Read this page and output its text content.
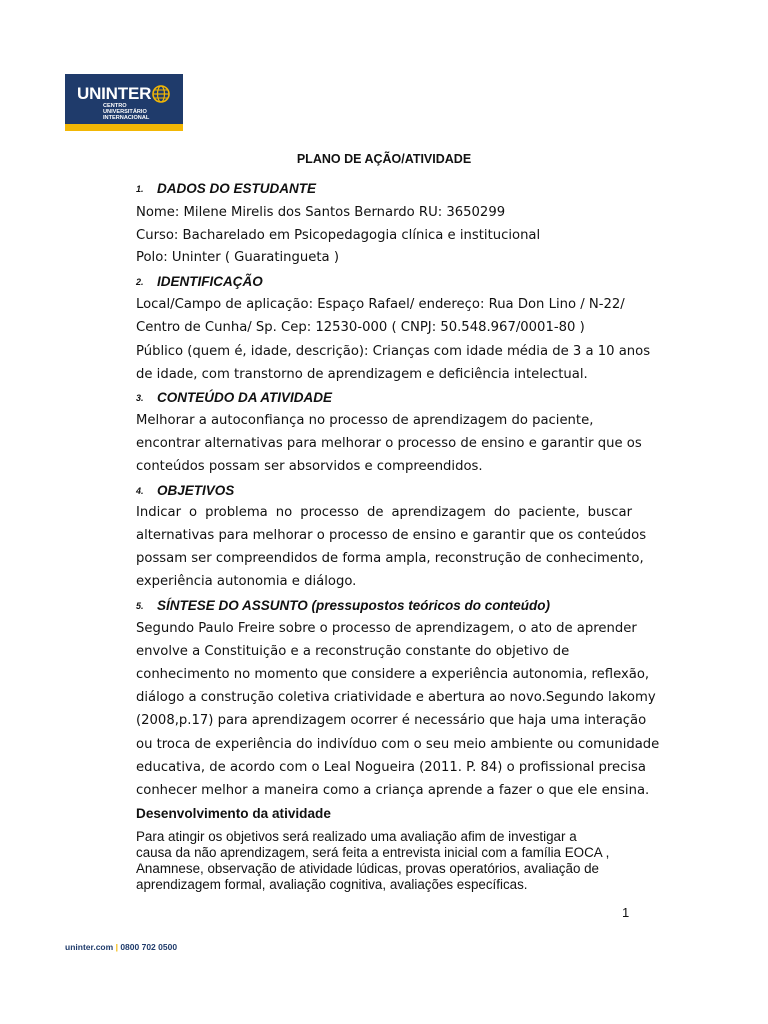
UNINTER
CENTRO
UNIVERSITÁRIO
INTERNACIONAL
PLANO DE AÇÃO/ATIVIDADE
1. DADOS DO ESTUDANTE
Nome: Milene Mirelis dos Santos Bernardo RU: 3650299
Curso: Bacharelado em Psicopedagogia clínica e institucional
Polo: Uninter ( Guaratingueta )
2. IDENTIFICAÇÃO
Local/Campo de aplicação: Espaço Rafael/ endereço: Rua Don Lino / N-22/
Centro de Cunha/ Sp. Cep: 12530-000 ( CNPJ: 50.548.967/0001-80 )
Público (quem é, idade, descrição): Crianças com idade média de 3 a 10 anos
de idade, com transtorno de aprendizagem e deficiência intelectual.
3. CONTEÚDO DA ATIVIDADE
Melhorar a autoconfiança no processo de aprendizagem do paciente,
encontrar alternativas para melhorar o processo de ensino e garantir que os
conteúdos possam ser absorvidos e compreendidos.
4. OBJETIVOS
Indicar o problema no processo de aprendizagem do paciente, buscar
alternativas para melhorar o processo de ensino e garantir que os conteúdos
possam ser compreendidos de forma ampla, reconstrução de conhecimento,
experiência autonomia e diálogo.
5. SÍNTESE DO ASSUNTO (pressupostos teóricos do conteúdo)
Segundo Paulo Freire sobre o processo de aprendizagem, o ato de aprender
envolve a Constituição e a reconstrução constante do objetivo de
conhecimento no momento que considere a experiência autonomia, reflexão,
diálogo a construção coletiva criatividade e abertura ao novo.Segundo lakomy
(2008,p.17) para aprendizagem ocorrer é necessário que haja uma interação
ou troca de experiência do indivíduo com o seu meio ambiente ou comunidade
educativa, de acordo com o Leal Nogueira (2011. P. 84) o profissional precisa
conhecer melhor a maneira como a criança aprende a fazer o que ele ensina.
Desenvolvimento da atividade
Para atingir os objetivos será realizado uma avaliação afim de investigar a
causa da não aprendizagem, será feita a entrevista inicial com a família EOCA ,
Anamnese, observação de atividade lúdicas, provas operatórios, avaliação de
aprendizagem formal, avaliação cognitiva, avaliações específicas.
1
uninter.com | 0800 702 0500
